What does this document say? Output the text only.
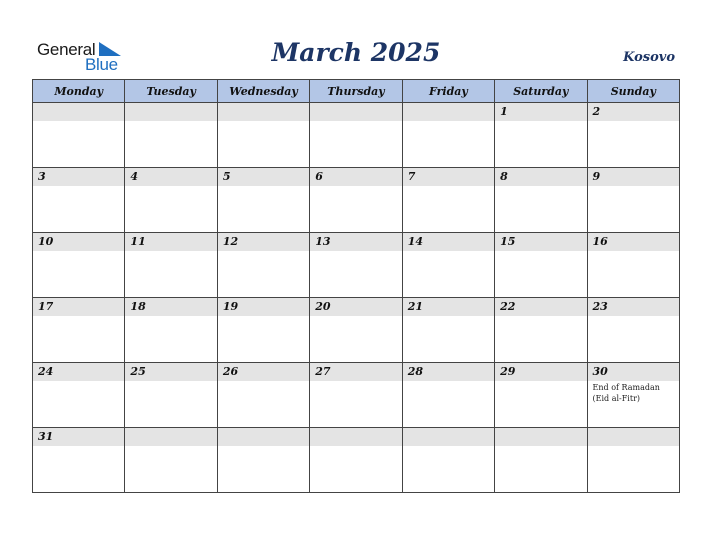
General
Blue	March 2025	Kosovo
Monday	Tuesday	Wednesday	Thursday	Friday	Saturday	Sunday

					1	2

3	4	5	6	7	8	9

10	11	12	13	14	15	16

17	18	19	20	21	22	23

24	25	26	27	28	29	30
End of Ramadan (Eid al-Fitr)

31						
